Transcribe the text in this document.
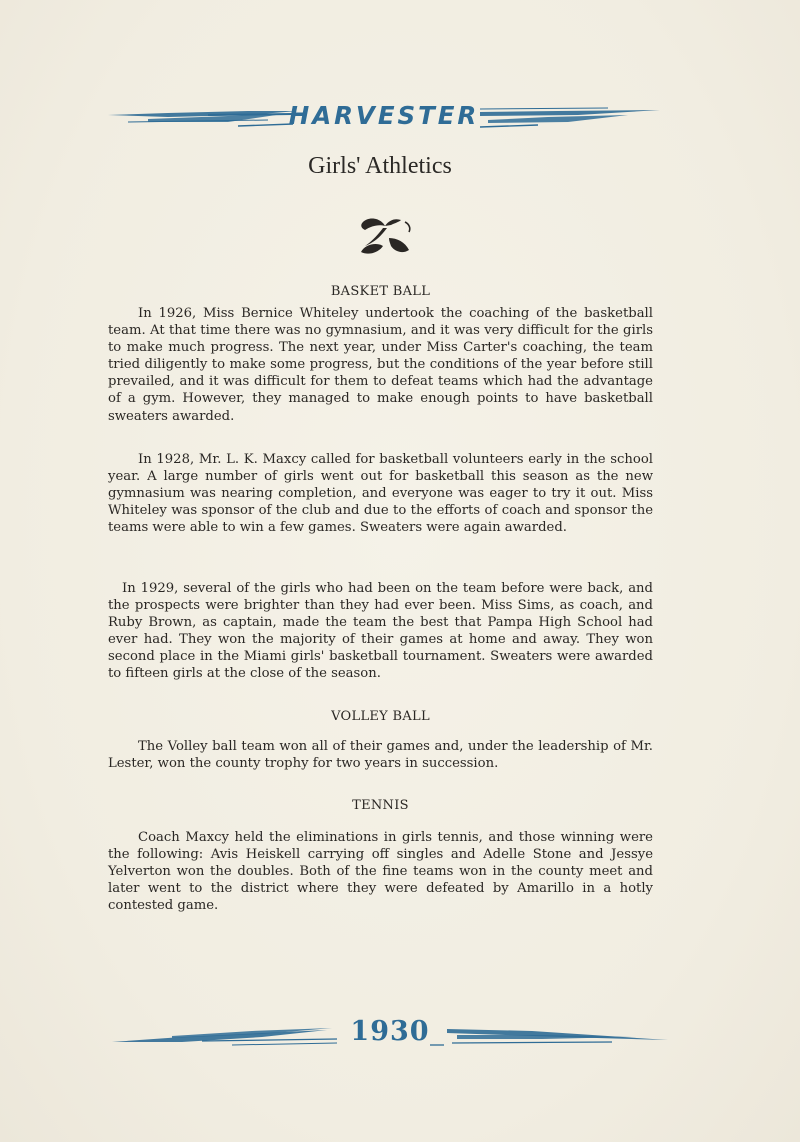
HARVESTER
Girls' Athletics
BASKET BALL

In 1926, Miss Bernice Whiteley undertook the coaching of the basketball team. At that time there was no gymnasium, and it was very difficult for the girls to make much progress. The next year, under Miss Carter's coaching, the team tried diligently to make some progress, but the conditions of the year before still prevailed, and it was difficult for them to defeat teams which had the advantage of a gym. However, they managed to make enough points to have basketball sweaters awarded.

In 1928, Mr. L. K. Maxcy called for basketball volunteers early in the school year. A large number of girls went out for basketball this season as the new gymnasium was nearing completion, and everyone was eager to try it out. Miss Whiteley was sponsor of the club and due to the efforts of coach and sponsor the teams were able to win a few games. Sweaters were again awarded.

In 1929, several of the girls who had been on the team before were back, and the prospects were brighter than they had ever been. Miss Sims, as coach, and Ruby Brown, as captain, made the team the best that Pampa High School had ever had. They won the majority of their games at home and away. They won second place in the Miami girls' basketball tournament. Sweaters were awarded to fifteen girls at the close of the season.

VOLLEY BALL

The Volley ball team won all of their games and, under the leadership of Mr. Lester, won the county trophy for two years in succession.

TENNIS

Coach Maxcy held the eliminations in girls tennis, and those winning were the following: Avis Heiskell carrying off singles and Adelle Stone and Jessye Yelverton won the doubles. Both of the fine teams won in the county meet and later went to the district where they were defeated by Amarillo in a hotly contested game.

1930
